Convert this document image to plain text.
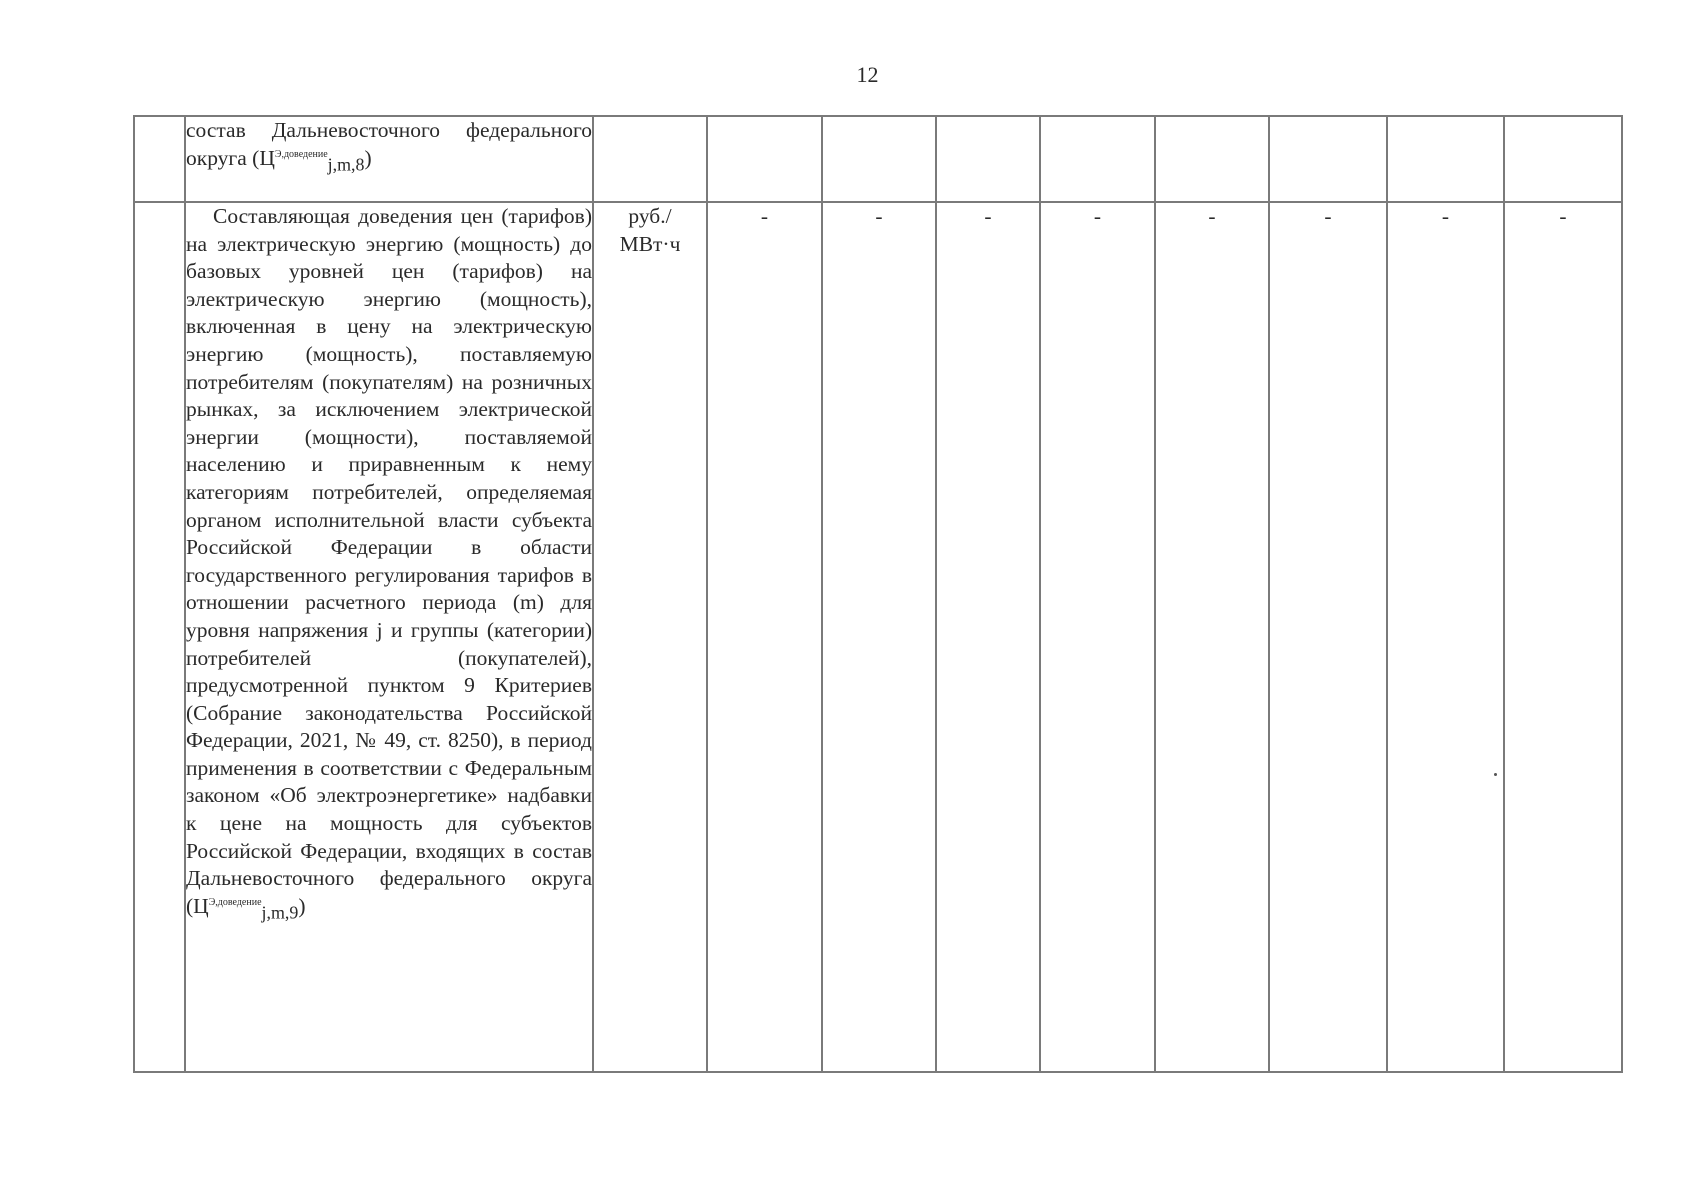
12
	состав Дальневосточного федерального округа $(Ц^{Э,доведение}_{j,m,8})$									

	Составляющая доведения цен (тарифов) на электрическую энергию (мощность) до базовых уровней цен (тарифов) на электрическую энергию (мощность), включенная в цену на электрическую энергию (мощность), поставляемую потребителям (покупателям) на розничных рынках, за исключением электрической энергии (мощности), поставляемой населению и приравненным к нему категориям потребителей, определяемая органом исполнительной власти субъекта Российской Федерации в области государственного регулирования тарифов в отношении расчетного периода (m) для уровня напряжения j и группы (категории) потребителей (покупателей), предусмотренной пунктом 9 Критериев (Собрание законодательства Российской Федерации, 2021, № 49, ст. 8250), в период применения в соответствии с Федеральным законом «Об электроэнергетике» надбавки к цене на мощность для субъектов Российской Федерации, входящих в состав Дальневосточного федерального округа $(Ц^{Э,доведение}_{j,m,9})$	руб./
МВт·ч	-	-	-	-	-	-	-	-
